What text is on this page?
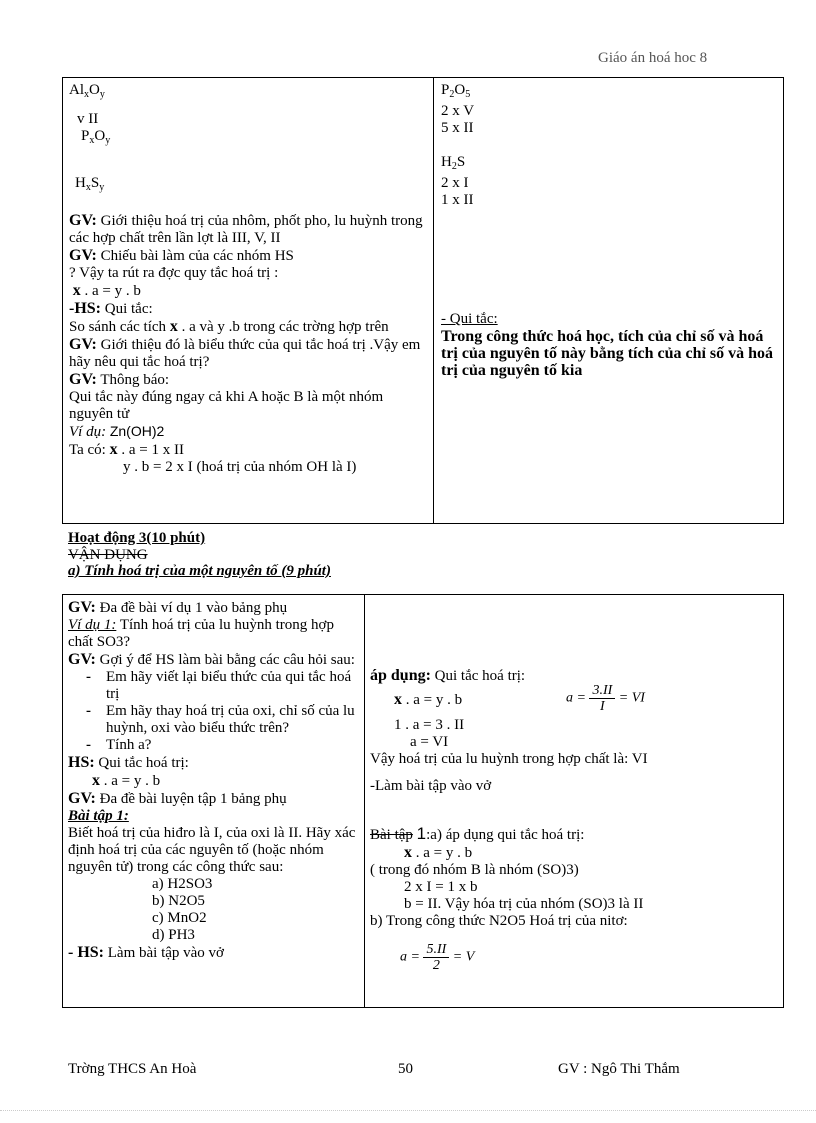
Giáo án hoá hoc 8
$Al_xO_y$
v II
$P_xO_y$
$H_xS_y$
GV: Giới thiệu hoá trị của nhôm, phốt pho, lu huỳnh trong các hợp chất trên lần lợt là III, V, II
GV: Chiếu bài làm của các nhóm HS
? Vậy ta rút ra đợc quy tắc hoá trị :
x . a = y . b
-HS: Qui tắc:
So sánh các tích x . a và y .b trong các trờng hợp trên
GV: Giới thiệu đó là biểu thức của qui tắc hoá trị .Vậy em hãy nêu qui tắc hoá trị?
GV: Thông báo:
Qui tắc này đúng ngay cả khi A hoặc B là một nhóm nguyên tử
Ví dụ: Zn(OH)2
Ta có: x . a = 1 x II
y . b = 2 x I (hoá trị của nhóm OH là I)
$P_2O_5$
2 x V
5 x II
$H_2S$
2 x I
1 x II
- Qui tắc:
Trong công thức hoá học, tích của chỉ số và hoá trị của nguyên tố này bằng tích của chỉ số và hoá trị của nguyên tố kia
Hoạt động 3(10 phút)
VẬN DỤNG
a) Tính hoá trị của một nguyên tố (9 phút)
GV: Đa đề bài ví dụ 1 vào bảng phụ
Ví dụ 1: Tính hoá trị của lu huỳnh trong hợp chất SO3?
GV: Gợi ý để HS làm bài bằng các câu hỏi sau:
- Em hãy viết lại biểu thức của qui tắc hoá trị
- Em hãy thay hoá trị của oxi, chỉ số của lu huỳnh, oxi vào biểu thức trên?
- Tính a?
HS: Qui tắc hoá trị:
x . a = y . b
GV: Đa đề bài luyện tập 1 bảng phụ
Bài tập 1:
Biết hoá trị của hiđro là I, của oxi là II. Hãy xác định hoá trị của các nguyên tố (hoặc nhóm nguyên tử) trong các công thức sau:
a) H2SO3
b) N2O5
c) MnO2
d) PH3
- HS: Làm bài tập vào vở
áp dụng: Qui tắc hoá trị:
x . a = y . b	$a = \frac{3.II}{I}$ = VI
1 . a = 3 . II
a = VI
Vậy hoá trị của lu huỳnh trong hợp chất là: VI
-Làm bài tập vào vở
Bài tập 1:a) áp dụng qui tắc hoá trị:
x . a = y . b
( trong đó nhóm B là nhóm (SO)3)
2 x I = 1 x b
b = II. Vậy hóa trị của nhóm (SO)3 là II
b) Trong công thức N2O5 Hoá trị của nitơ:
$a = \frac{5.II}{2} = V$
Trờng THCS An Hoà	50	GV : Ngô Thi Thắm
